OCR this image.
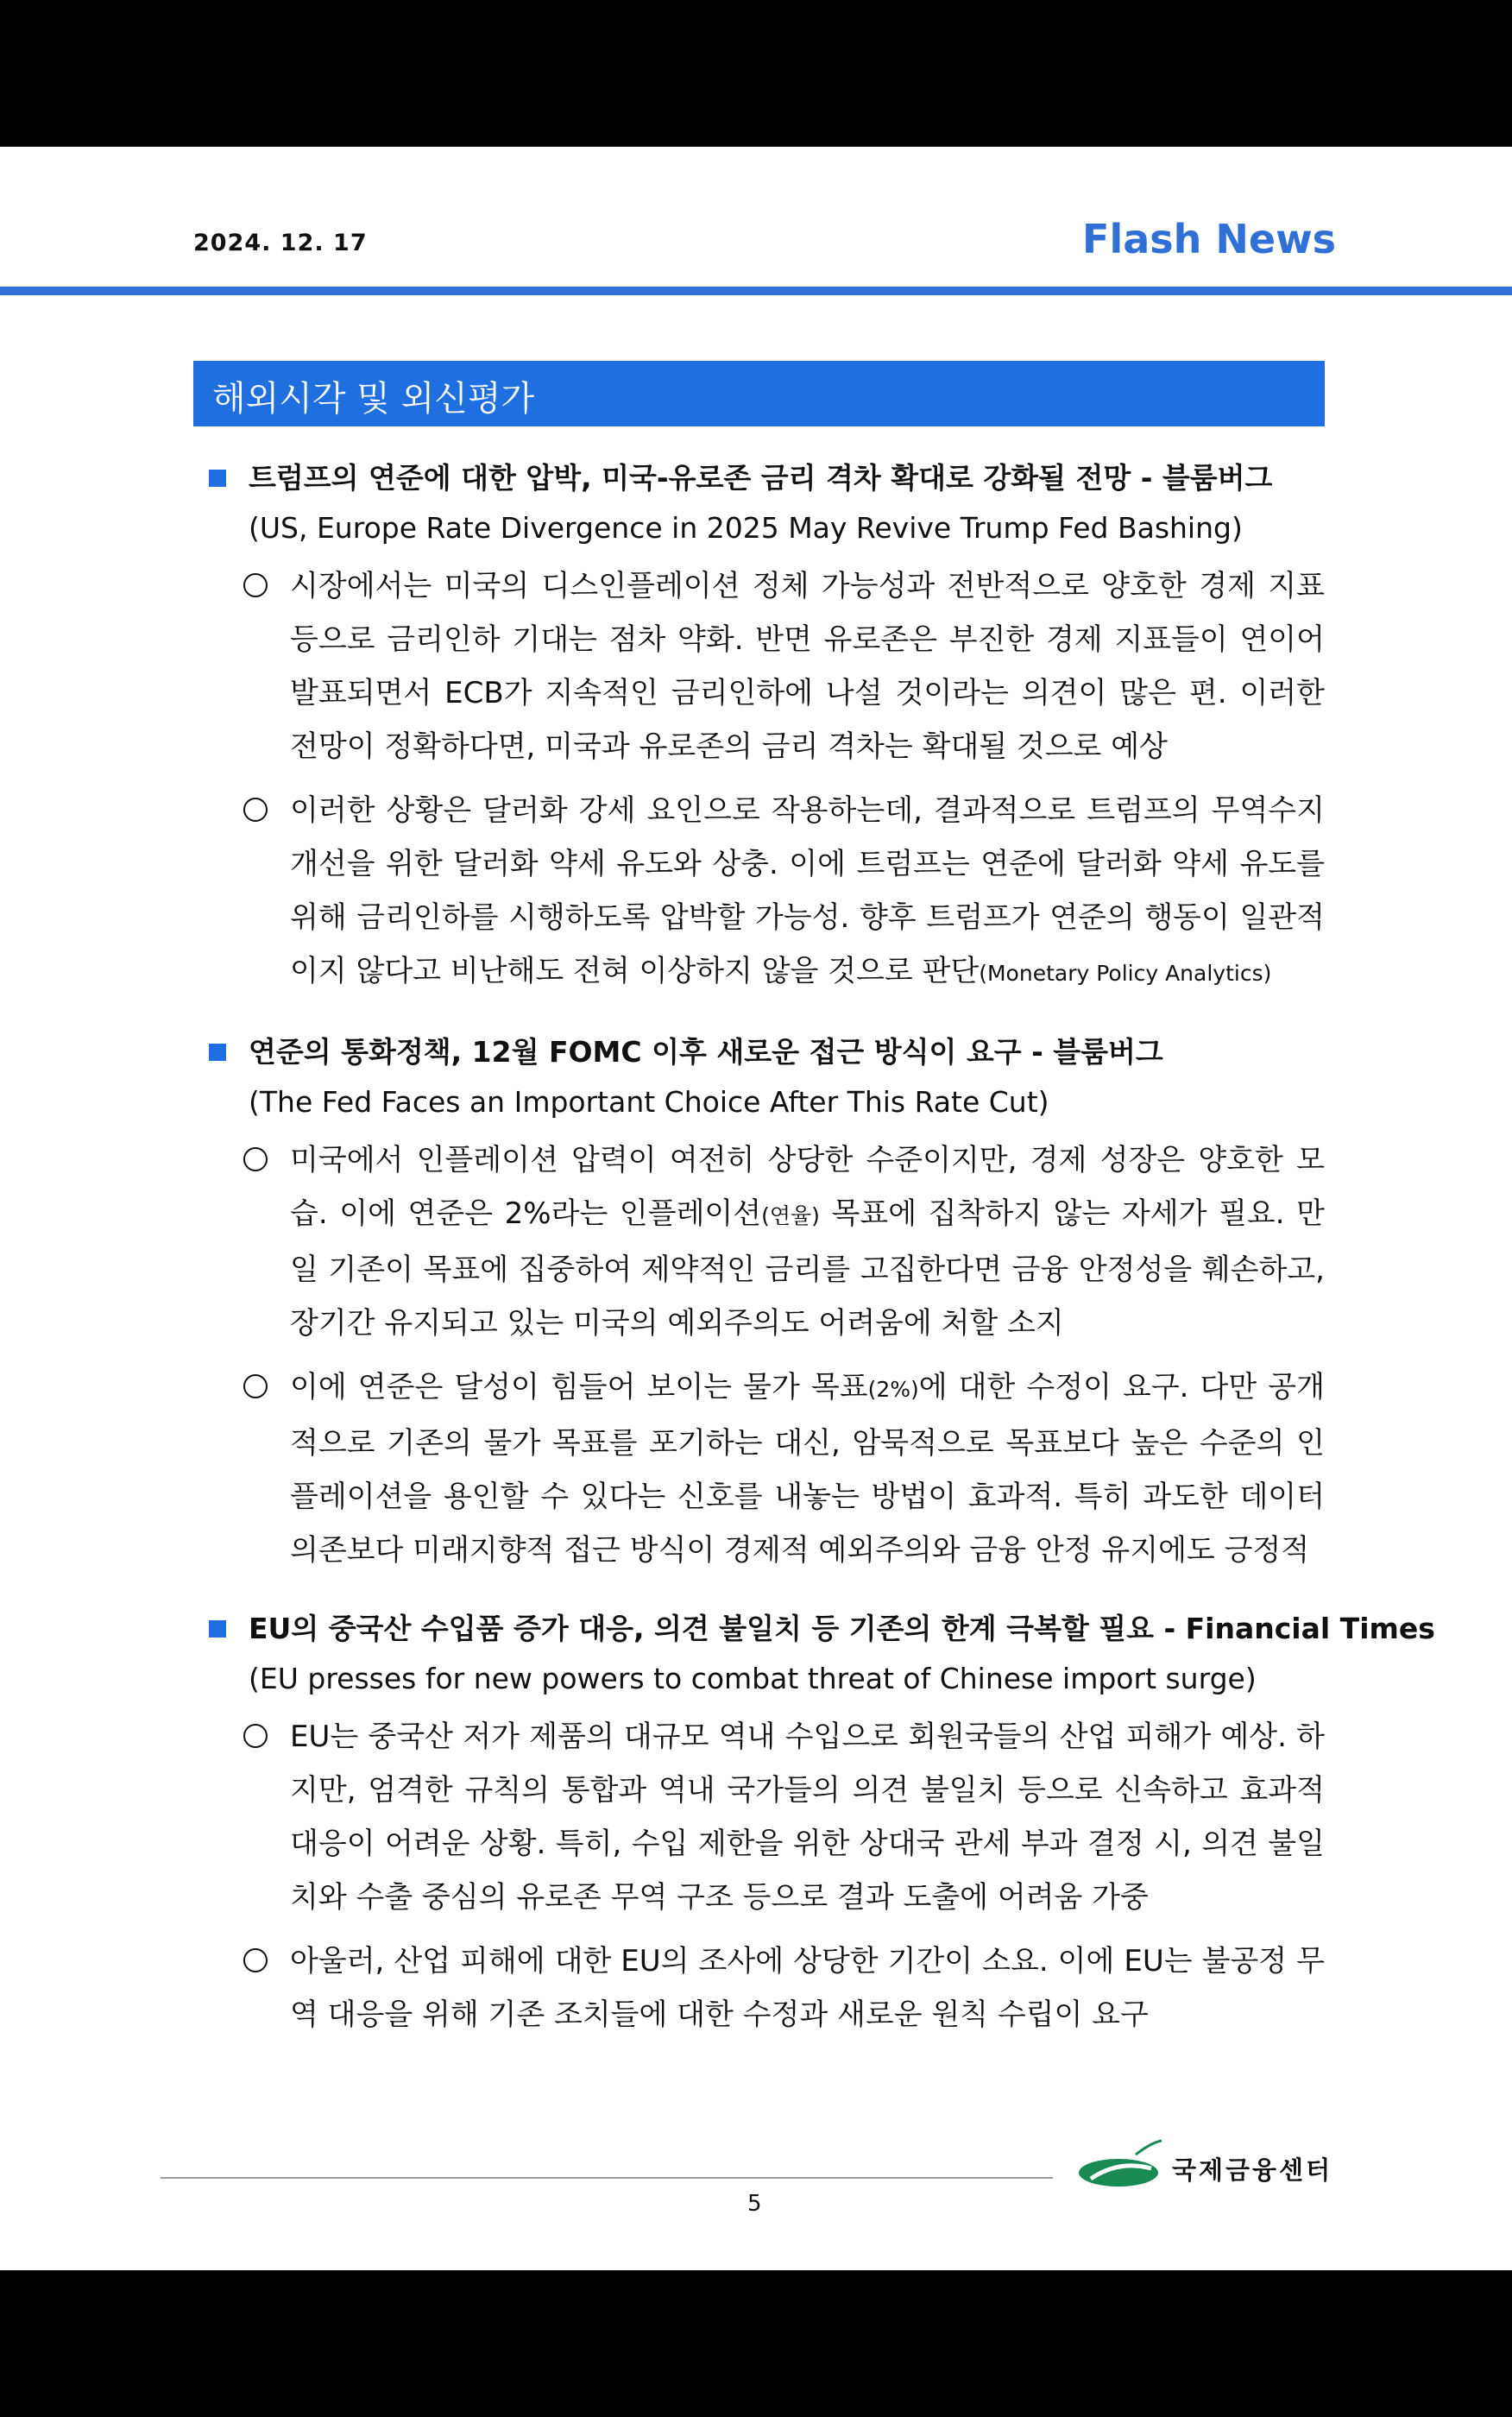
2024. 12. 17	Flash News
해외시각 및 외신평가
트럼프의 연준에 대한 압박, 미국-유로존 금리 격차 확대로 강화될 전망 - 블룸버그
(US, Europe Rate Divergence in 2025 May Revive Trump Fed Bashing)
시장에서는 미국의 디스인플레이션 정체 가능성과 전반적으로 양호한 경제 지표 등으로 금리인하 기대는 점차 약화. 반면 유로존은 부진한 경제 지표들이 연이어 발표되면서 ECB가 지속적인 금리인하에 나설 것이라는 의견이 많은 편. 이러한 전망이 정확하다면, 미국과 유로존의 금리 격차는 확대될 것으로 예상
이러한 상황은 달러화 강세 요인으로 작용하는데, 결과적으로 트럼프의 무역수지 개선을 위한 달러화 약세 유도와 상충. 이에 트럼프는 연준에 달러화 약세 유도를 위해 금리인하를 시행하도록 압박할 가능성. 향후 트럼프가 연준의 행동이 일관적이지 않다고 비난해도 전혀 이상하지 않을 것으로 판단(Monetary Policy Analytics)
연준의 통화정책, 12월 FOMC 이후 새로운 접근 방식이 요구 - 블룸버그
(The Fed Faces an Important Choice After This Rate Cut)
미국에서 인플레이션 압력이 여전히 상당한 수준이지만, 경제 성장은 양호한 모습. 이에 연준은 2%라는 인플레이션(연율) 목표에 집착하지 않는 자세가 필요. 만일 기존이 목표에 집중하여 제약적인 금리를 고집한다면 금융 안정성을 훼손하고, 장기간 유지되고 있는 미국의 예외주의도 어려움에 처할 소지
이에 연준은 달성이 힘들어 보이는 물가 목표(2%)에 대한 수정이 요구. 다만 공개적으로 기존의 물가 목표를 포기하는 대신, 암묵적으로 목표보다 높은 수준의 인플레이션을 용인할 수 있다는 신호를 내놓는 방법이 효과적. 특히 과도한 데이터 의존보다 미래지향적 접근 방식이 경제적 예외주의와 금융 안정 유지에도 긍정적
EU의 중국산 수입품 증가 대응, 의견 불일치 등 기존의 한계 극복할 필요 - Financial Times
(EU presses for new powers to combat threat of Chinese import surge)
EU는 중국산 저가 제품의 대규모 역내 수입으로 회원국들의 산업 피해가 예상. 하지만, 엄격한 규칙의 통합과 역내 국가들의 의견 불일치 등으로 신속하고 효과적 대응이 어려운 상황. 특히, 수입 제한을 위한 상대국 관세 부과 결정 시, 의견 불일치와 수출 중심의 유로존 무역 구조 등으로 결과 도출에 어려움 가중
아울러, 산업 피해에 대한 EU의 조사에 상당한 기간이 소요. 이에 EU는 불공정 무역 대응을 위해 기존 조치들에 대한 수정과 새로운 원칙 수립이 요구
국제금융센터
5
